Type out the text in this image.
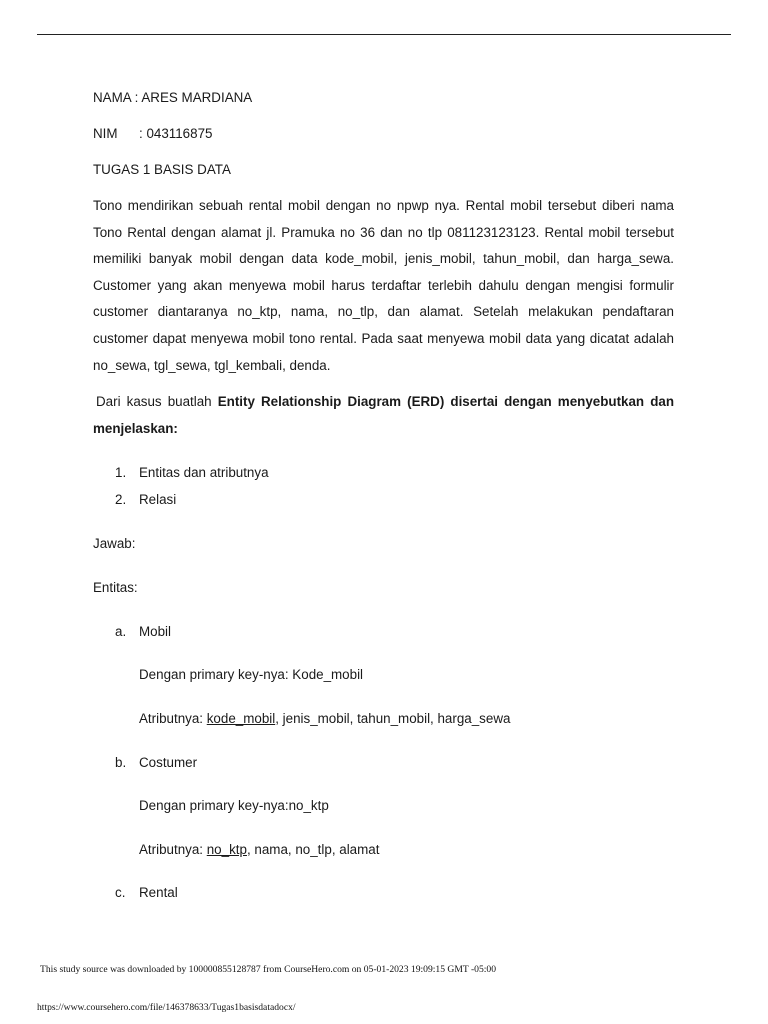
NAMA : ARES MARDIANA
NIM : 043116875
TUGAS 1 BASIS DATA
Tono mendirikan sebuah rental mobil dengan no npwp nya. Rental mobil tersebut diberi nama Tono Rental dengan alamat jl. Pramuka no 36 dan no tlp 081123123123. Rental mobil tersebut memiliki banyak mobil dengan data kode_mobil, jenis_mobil, tahun_mobil, dan harga_sewa. Customer yang akan menyewa mobil harus terdaftar terlebih dahulu dengan mengisi formulir customer diantaranya no_ktp, nama, no_tlp, dan alamat. Setelah melakukan pendaftaran customer dapat menyewa mobil tono rental. Pada saat menyewa mobil data yang dicatat adalah no_sewa, tgl_sewa, tgl_kembali, denda.
Dari kasus buatlah Entity Relationship Diagram (ERD) disertai dengan menyebutkan dan menjelaskan:
1. Entitas dan atributnya
2. Relasi
Jawab:
Entitas:
a. Mobil
Dengan primary key-nya: Kode_mobil
Atributnya: kode_mobil, jenis_mobil, tahun_mobil, harga_sewa
b. Costumer
Dengan primary key-nya:no_ktp
Atributnya: no_ktp, nama, no_tlp, alamat
c. Rental
This study source was downloaded by 100000855128787 from CourseHero.com on 05-01-2023 19:09:15 GMT -05:00
https://www.coursehero.com/file/146378633/Tugas1basisdatadocx/
